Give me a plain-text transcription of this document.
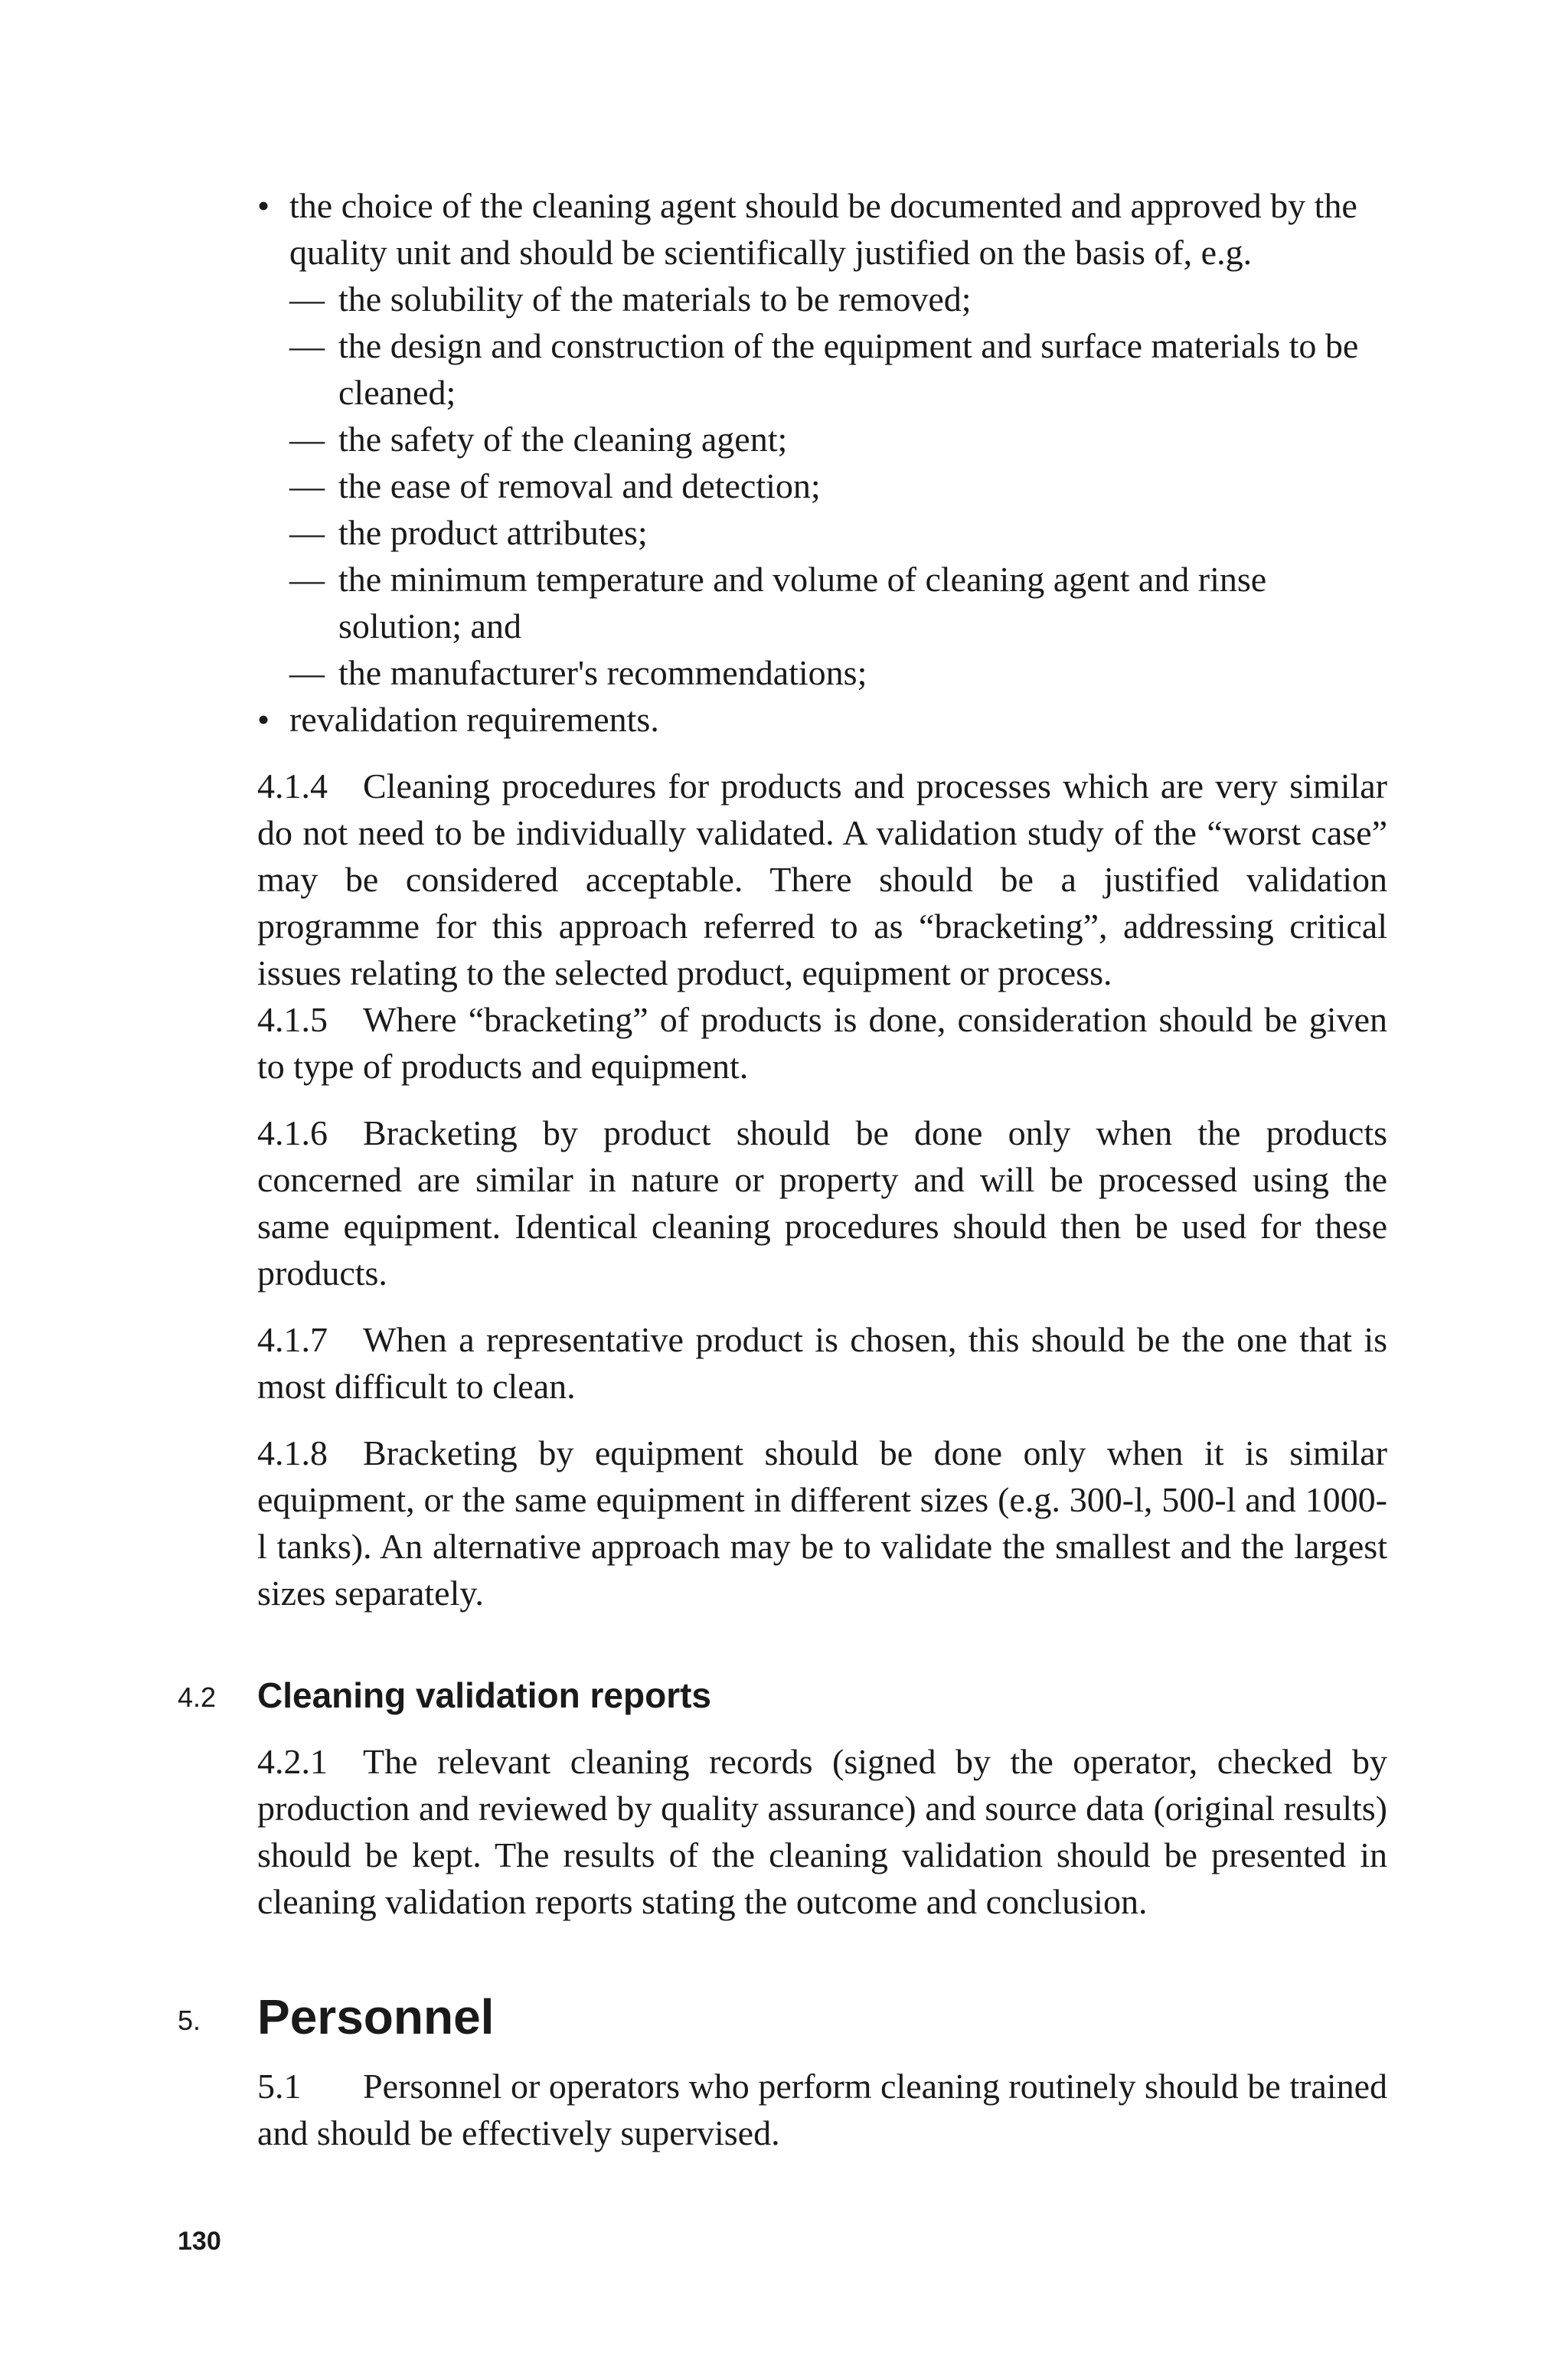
• the choice of the cleaning agent should be documented and approved by the quality unit and should be scientifically justified on the basis of, e.g.
— the solubility of the materials to be removed;
— the design and construction of the equipment and surface materials to be cleaned;
— the safety of the cleaning agent;
— the ease of removal and detection;
— the product attributes;
— the minimum temperature and volume of cleaning agent and rinse solution; and
— the manufacturer's recommendations;
• revalidation requirements.

4.1.4 Cleaning procedures for products and processes which are very similar do not need to be individually validated. A validation study of the “worst case” may be considered acceptable. There should be a justified validation programme for this approach referred to as “bracketing”, addressing critical issues relating to the selected product, equipment or process.

4.1.5 Where “bracketing” of products is done, consideration should be given to type of products and equipment.

4.1.6 Bracketing by product should be done only when the products concerned are similar in nature or property and will be processed using the same equipment. Identical cleaning procedures should then be used for these products.

4.1.7 When a representative product is chosen, this should be the one that is most difficult to clean.

4.1.8 Bracketing by equipment should be done only when it is similar equipment, or the same equipment in different sizes (e.g. 300-l, 500-l and 1000-l tanks). An alternative approach may be to validate the smallest and the largest sizes separately.

4.2 Cleaning validation reports

4.2.1 The relevant cleaning records (signed by the operator, checked by production and reviewed by quality assurance) and source data (original results) should be kept. The results of the cleaning validation should be presented in cleaning validation reports stating the outcome and conclusion.

5. Personnel

5.1 Personnel or operators who perform cleaning routinely should be trained and should be effectively supervised.

130
